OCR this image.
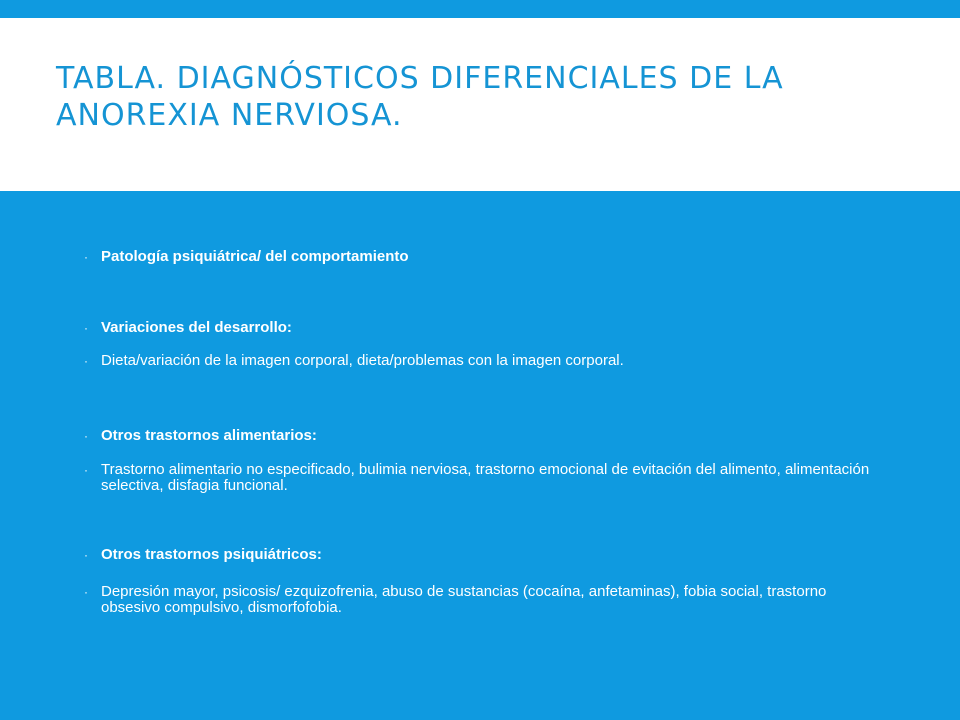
TABLA. DIAGNÓSTICOS DIFERENCIALES DE LA ANOREXIA NERVIOSA.
· Patología psiquiátrica/ del comportamiento
· Variaciones del desarrollo:
· Dieta/variación de la imagen corporal, dieta/problemas con la imagen corporal.
· Otros trastornos alimentarios:
· Trastorno alimentario no especificado, bulimia nerviosa, trastorno emocional de evitación del alimento, alimentación selectiva, disfagia funcional.
· Otros trastornos psiquiátricos:
· Depresión mayor, psicosis/ ezquizofrenia, abuso de sustancias (cocaína, anfetaminas), fobia social, trastorno obsesivo compulsivo, dismorfofobia.
